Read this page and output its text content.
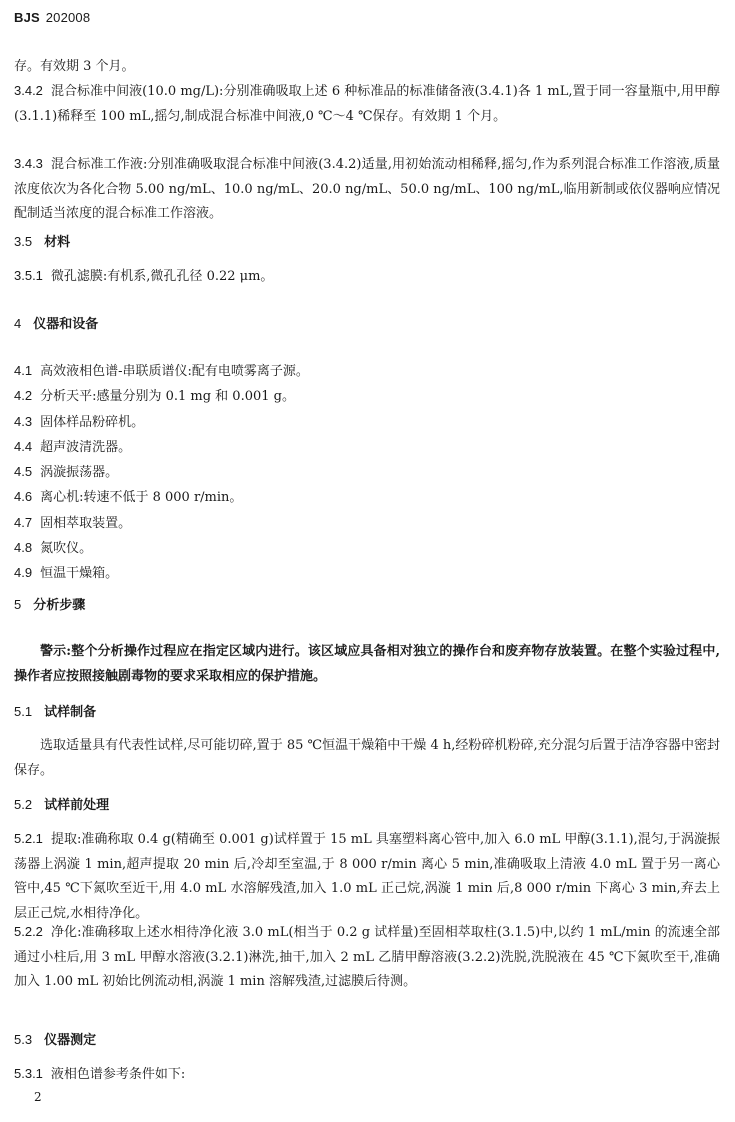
BJS 202008
存。有效期 3 个月。
3.4.2 混合标准中间液(10.0 mg/L):分别准确吸取上述 6 种标准品的标准储备液(3.4.1)各 1 mL,置于同一容量瓶中,用甲醇(3.1.1)稀释至 100 mL,摇匀,制成混合标准中间液,0 ℃～4 ℃保存。有效期 1 个月。
3.4.3 混合标准工作液:分别准确吸取混合标准中间液(3.4.2)适量,用初始流动相稀释,摇匀,作为系列混合标准工作溶液,质量浓度依次为各化合物 5.00 ng/mL、10.0 ng/mL、20.0 ng/mL、50.0 ng/mL、100 ng/mL,临用新制或依仪器响应情况配制适当浓度的混合标准工作溶液。
3.5 材料
3.5.1 微孔滤膜:有机系,微孔孔径 0.22 μm。
4 仪器和设备
4.1 高效液相色谱-串联质谱仪:配有电喷雾离子源。
4.2 分析天平:感量分别为 0.1 mg 和 0.001 g。
4.3 固体样品粉碎机。
4.4 超声波清洗器。
4.5 涡漩振荡器。
4.6 离心机:转速不低于 8 000 r/min。
4.7 固相萃取装置。
4.8 氮吹仪。
4.9 恒温干燥箱。
5 分析步骤
警示:整个分析操作过程应在指定区域内进行。该区域应具备相对独立的操作台和废弃物存放装置。在整个实验过程中,操作者应按照接触剧毒物的要求采取相应的保护措施。
5.1 试样制备
选取适量具有代表性试样,尽可能切碎,置于 85 ℃恒温干燥箱中干燥 4 h,经粉碎机粉碎,充分混匀后置于洁净容器中密封保存。
5.2 试样前处理
5.2.1 提取:准确称取 0.4 g(精确至 0.001 g)试样置于 15 mL 具塞塑料离心管中,加入 6.0 mL 甲醇(3.1.1),混匀,于涡漩振荡器上涡漩 1 min,超声提取 20 min 后,冷却至室温,于 8 000 r/min 离心 5 min,准确吸取上清液 4.0 mL 置于另一离心管中,45 ℃下氮吹至近干,用 4.0 mL 水溶解残渣,加入 1.0 mL 正己烷,涡漩 1 min 后,8 000 r/min 下离心 3 min,弃去上层正己烷,水相待净化。
5.2.2 净化:准确移取上述水相待净化液 3.0 mL(相当于 0.2 g 试样量)至固相萃取柱(3.1.5)中,以约 1 mL/min 的流速全部通过小柱后,用 3 mL 甲醇水溶液(3.2.1)淋洗,抽干,加入 2 mL 乙腈甲醇溶液(3.2.2)洗脱,洗脱液在 45 ℃下氮吹至干,准确加入 1.00 mL 初始比例流动相,涡漩 1 min 溶解残渣,过滤膜后待测。
5.3 仪器测定
5.3.1 液相色谱参考条件如下:
2
